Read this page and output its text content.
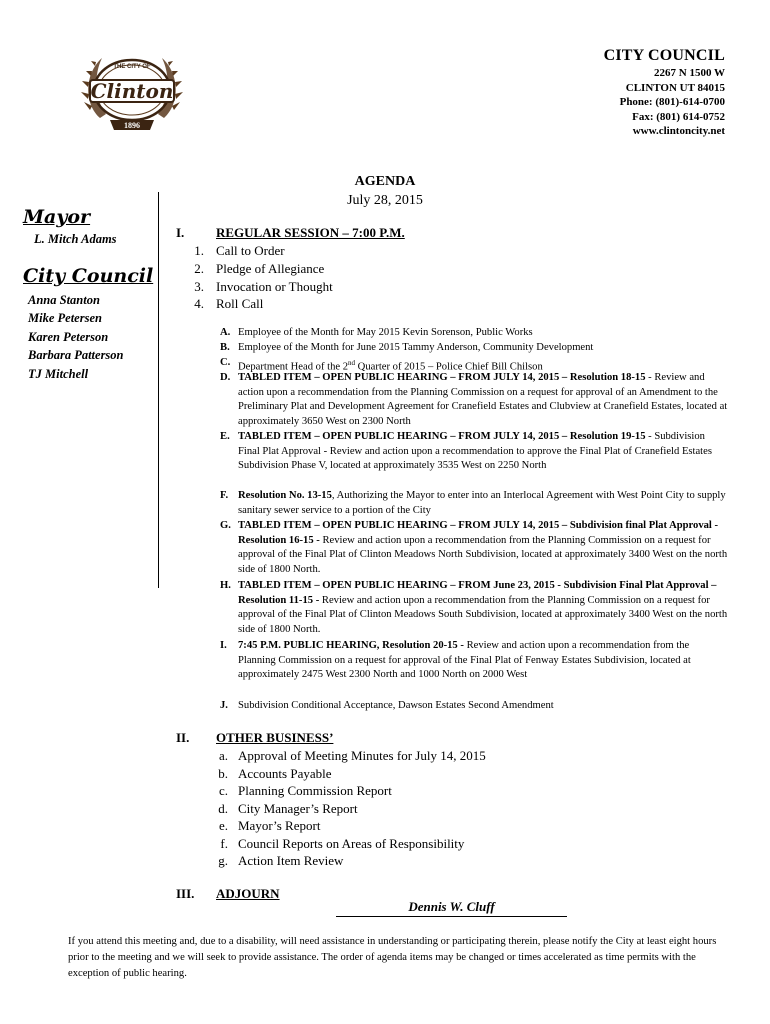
THE CITY OF
Clinton
1896
CITY COUNCIL
2267 N 1500 W
CLINTON UT 84015
Phone: (801)-614-0700
Fax: (801) 614-0752
www.clintoncity.net
AGENDA
July 28, 2015
Mayor
L. Mitch Adams
City Council
Anna Stanton
Mike Petersen
Karen Peterson
Barbara Patterson
TJ Mitchell
I.	REGULAR SESSION – 7:00 P.M.
1. Call to Order
2. Pledge of Allegiance
3. Invocation or Thought
4. Roll Call
A. Employee of the Month for May 2015 Kevin Sorenson, Public Works
B. Employee of the Month for June 2015 Tammy Anderson, Community Development
C. Department Head of the 2nd Quarter of 2015 – Police Chief Bill Chilson
D. TABLED ITEM – OPEN PUBLIC HEARING – FROM JULY 14, 2015 – Resolution 18-15 - Review and action upon a recommendation from the Planning Commission on a request for approval of an Amendment to the Preliminary Plat and Development Agreement for Cranefield Estates and Clubview at Cranefield Estates, located at approximately 3650 West on 2300 North
E. TABLED ITEM – OPEN PUBLIC HEARING – FROM JULY 14, 2015 – Resolution 19-15 - Subdivision Final Plat Approval - Review and action upon a recommendation to approve the Final Plat of Cranefield Estates Subdivision Phase V, located at approximately 3535 West on 2250 North
F. Resolution No. 13-15, Authorizing the Mayor to enter into an Interlocal Agreement with West Point City to supply sanitary sewer service to a portion of the City
G. TABLED ITEM – OPEN PUBLIC HEARING – FROM JULY 14, 2015 – Subdivision final Plat Approval - Resolution 16-15 - Review and action upon a recommendation from the Planning Commission on a request for approval of the Final Plat of Clinton Meadows North Subdivision, located at approximately 3400 West on the north side of 1800 North.
H. TABLED ITEM – OPEN PUBLIC HEARING – FROM June 23, 2015 - Subdivision Final Plat Approval – Resolution 11-15 - Review and action upon a recommendation from the Planning Commission on a request for approval of the Final Plat of Clinton Meadows South Subdivision, located at approximately 3400 West on the north side of 1800 North.
I.	7:45 P.M. PUBLIC HEARING, Resolution 20-15 - Review and action upon a recommendation from the Planning Commission on a request for approval of the Final Plat of Fenway Estates Subdivision, located at approximately 2475 West 2300 North and 1000 North on 2000 West
J. Subdivision Conditional Acceptance, Dawson Estates Second Amendment
II.	OTHER BUSINESS’
a. Approval of Meeting Minutes for July 14, 2015
b. Accounts Payable
c. Planning Commission Report
d. City Manager’s Report
e. Mayor’s Report
f. Council Reports on Areas of Responsibility
g. Action Item Review
III.	ADJOURN
Dennis W. Cluff
If you attend this meeting and, due to a disability, will need assistance in understanding or participating therein, please notify the City at least eight hours prior to the meeting and we will seek to provide assistance. The order of agenda items may be changed or times accelerated as time permits with the exception of public hearing.
